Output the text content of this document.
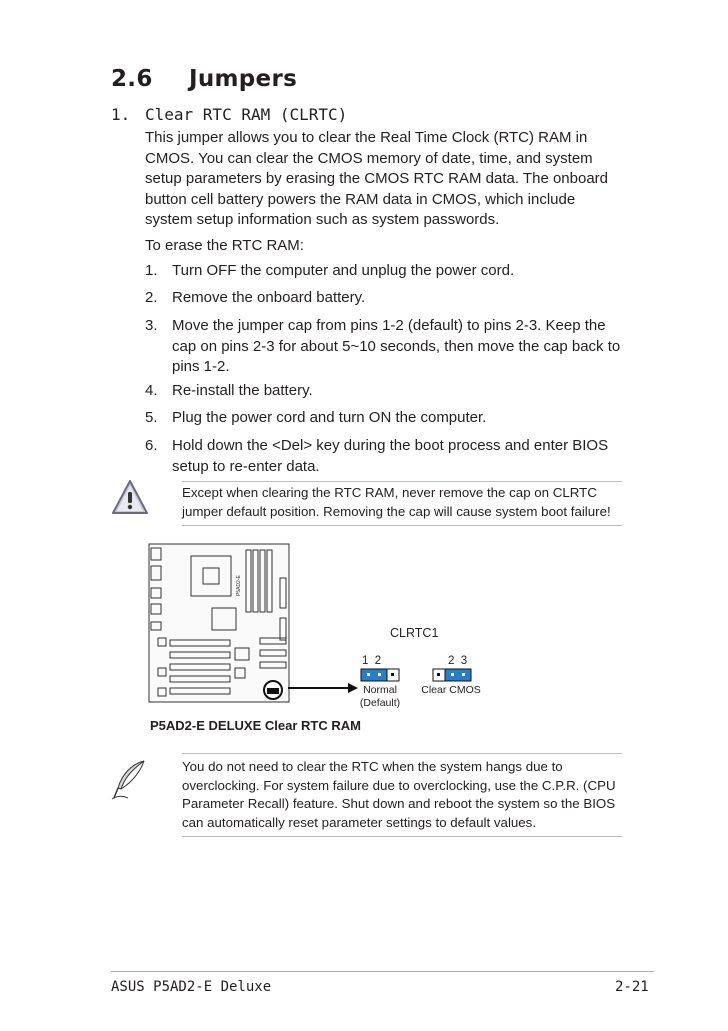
2.6 Jumpers
1. Clear RTC RAM (CLRTC)
This jumper allows you to clear the Real Time Clock (RTC) RAM in CMOS. You can clear the CMOS memory of date, time, and system setup parameters by erasing the CMOS RTC RAM data. The onboard button cell battery powers the RAM data in CMOS, which include system setup information such as system passwords.
To erase the RTC RAM:
1. Turn OFF the computer and unplug the power cord.
2. Remove the onboard battery.
3. Move the jumper cap from pins 1-2 (default) to pins 2-3. Keep the cap on pins 2-3 for about 5~10 seconds, then move the cap back to pins 1-2.
4. Re-install the battery.
5. Plug the power cord and turn ON the computer.
6. Hold down the <Del> key during the boot process and enter BIOS setup to re-enter data.
Except when clearing the RTC RAM, never remove the cap on CLRTC jumper default position. Removing the cap will cause system boot failure!
P5AD2-E
CLRTC1
1  2	2  3
Normal
(Default)
Clear CMOS
P5AD2-E DELUXE Clear RTC RAM
You do not need to clear the RTC when the system hangs due to overclocking. For system failure due to overclocking, use the C.P.R. (CPU Parameter Recall) feature. Shut down and reboot the system so the BIOS can automatically reset parameter settings to default values.
ASUS P5AD2-E Deluxe	2-21
